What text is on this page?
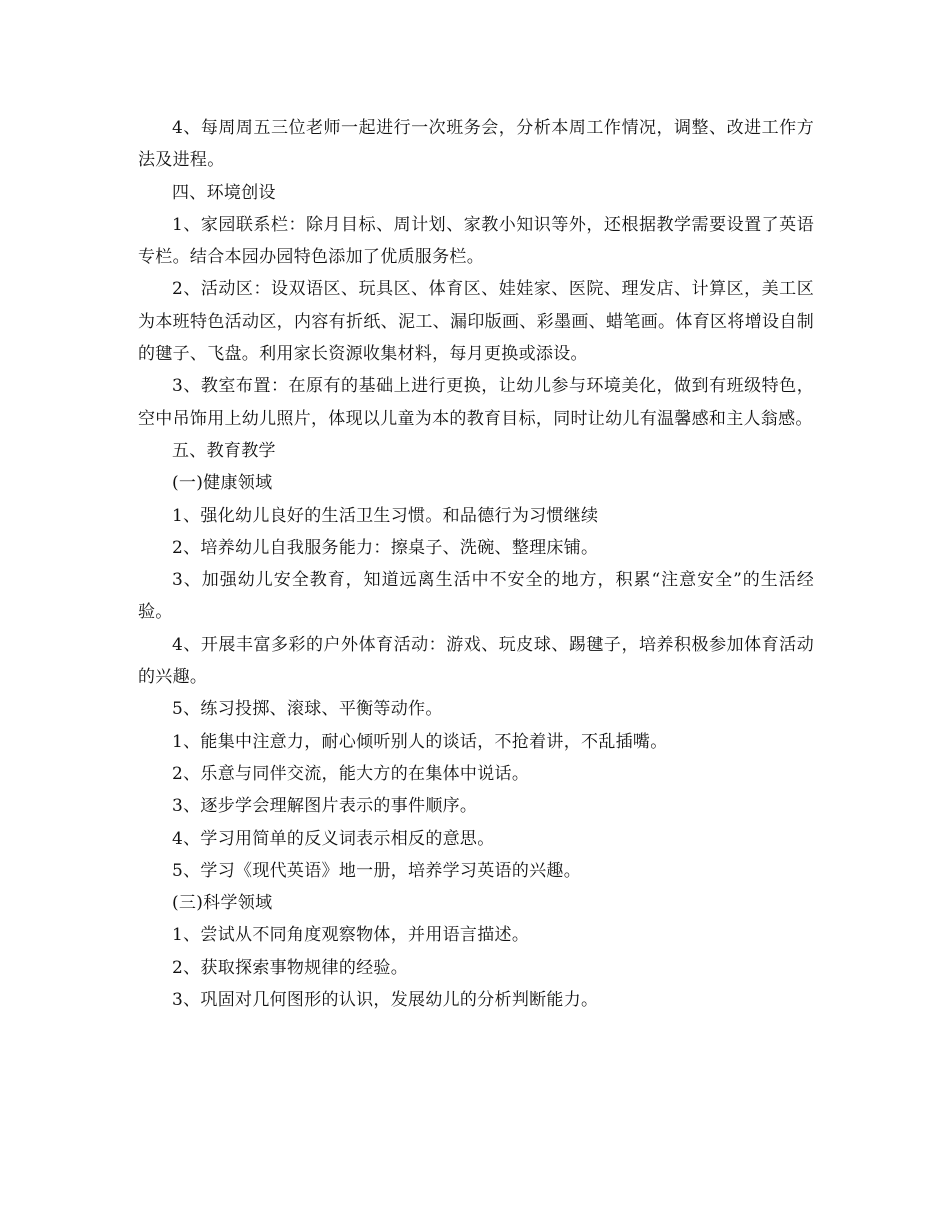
4、每周周五三位老师一起进行一次班务会，分析本周工作情况，调整、改进工作方法及进程。

四、环境创设

1、家园联系栏：除月目标、周计划、家教小知识等外，还根据教学需要设置了英语专栏。结合本园办园特色添加了优质服务栏。

2、活动区：设双语区、玩具区、体育区、娃娃家、医院、理发店、计算区，美工区为本班特色活动区，内容有折纸、泥工、漏印版画、彩墨画、蜡笔画。体育区将增设自制的毽子、飞盘。利用家长资源收集材料，每月更换或添设。

3、教室布置：在原有的基础上进行更换，让幼儿参与环境美化，做到有班级特色，空中吊饰用上幼儿照片，体现以儿童为本的教育目标，同时让幼儿有温馨感和主人翁感。

五、教育教学

(一)健康领域

1、强化幼儿良好的生活卫生习惯。和品德行为习惯继续

2、培养幼儿自我服务能力：擦桌子、洗碗、整理床铺。

3、加强幼儿安全教育，知道远离生活中不安全的地方，积累“注意安全”的生活经验。

4、开展丰富多彩的户外体育活动：游戏、玩皮球、踢毽子，培养积极参加体育活动的兴趣。

5、练习投掷、滚球、平衡等动作。

1、能集中注意力，耐心倾听别人的谈话，不抢着讲，不乱插嘴。

2、乐意与同伴交流，能大方的在集体中说话。

3、逐步学会理解图片表示的事件顺序。

4、学习用简单的反义词表示相反的意思。

5、学习《现代英语》地一册，培养学习英语的兴趣。

(三)科学领域

1、尝试从不同角度观察物体，并用语言描述。

2、获取探索事物规律的经验。

3、巩固对几何图形的认识，发展幼儿的分析判断能力。
